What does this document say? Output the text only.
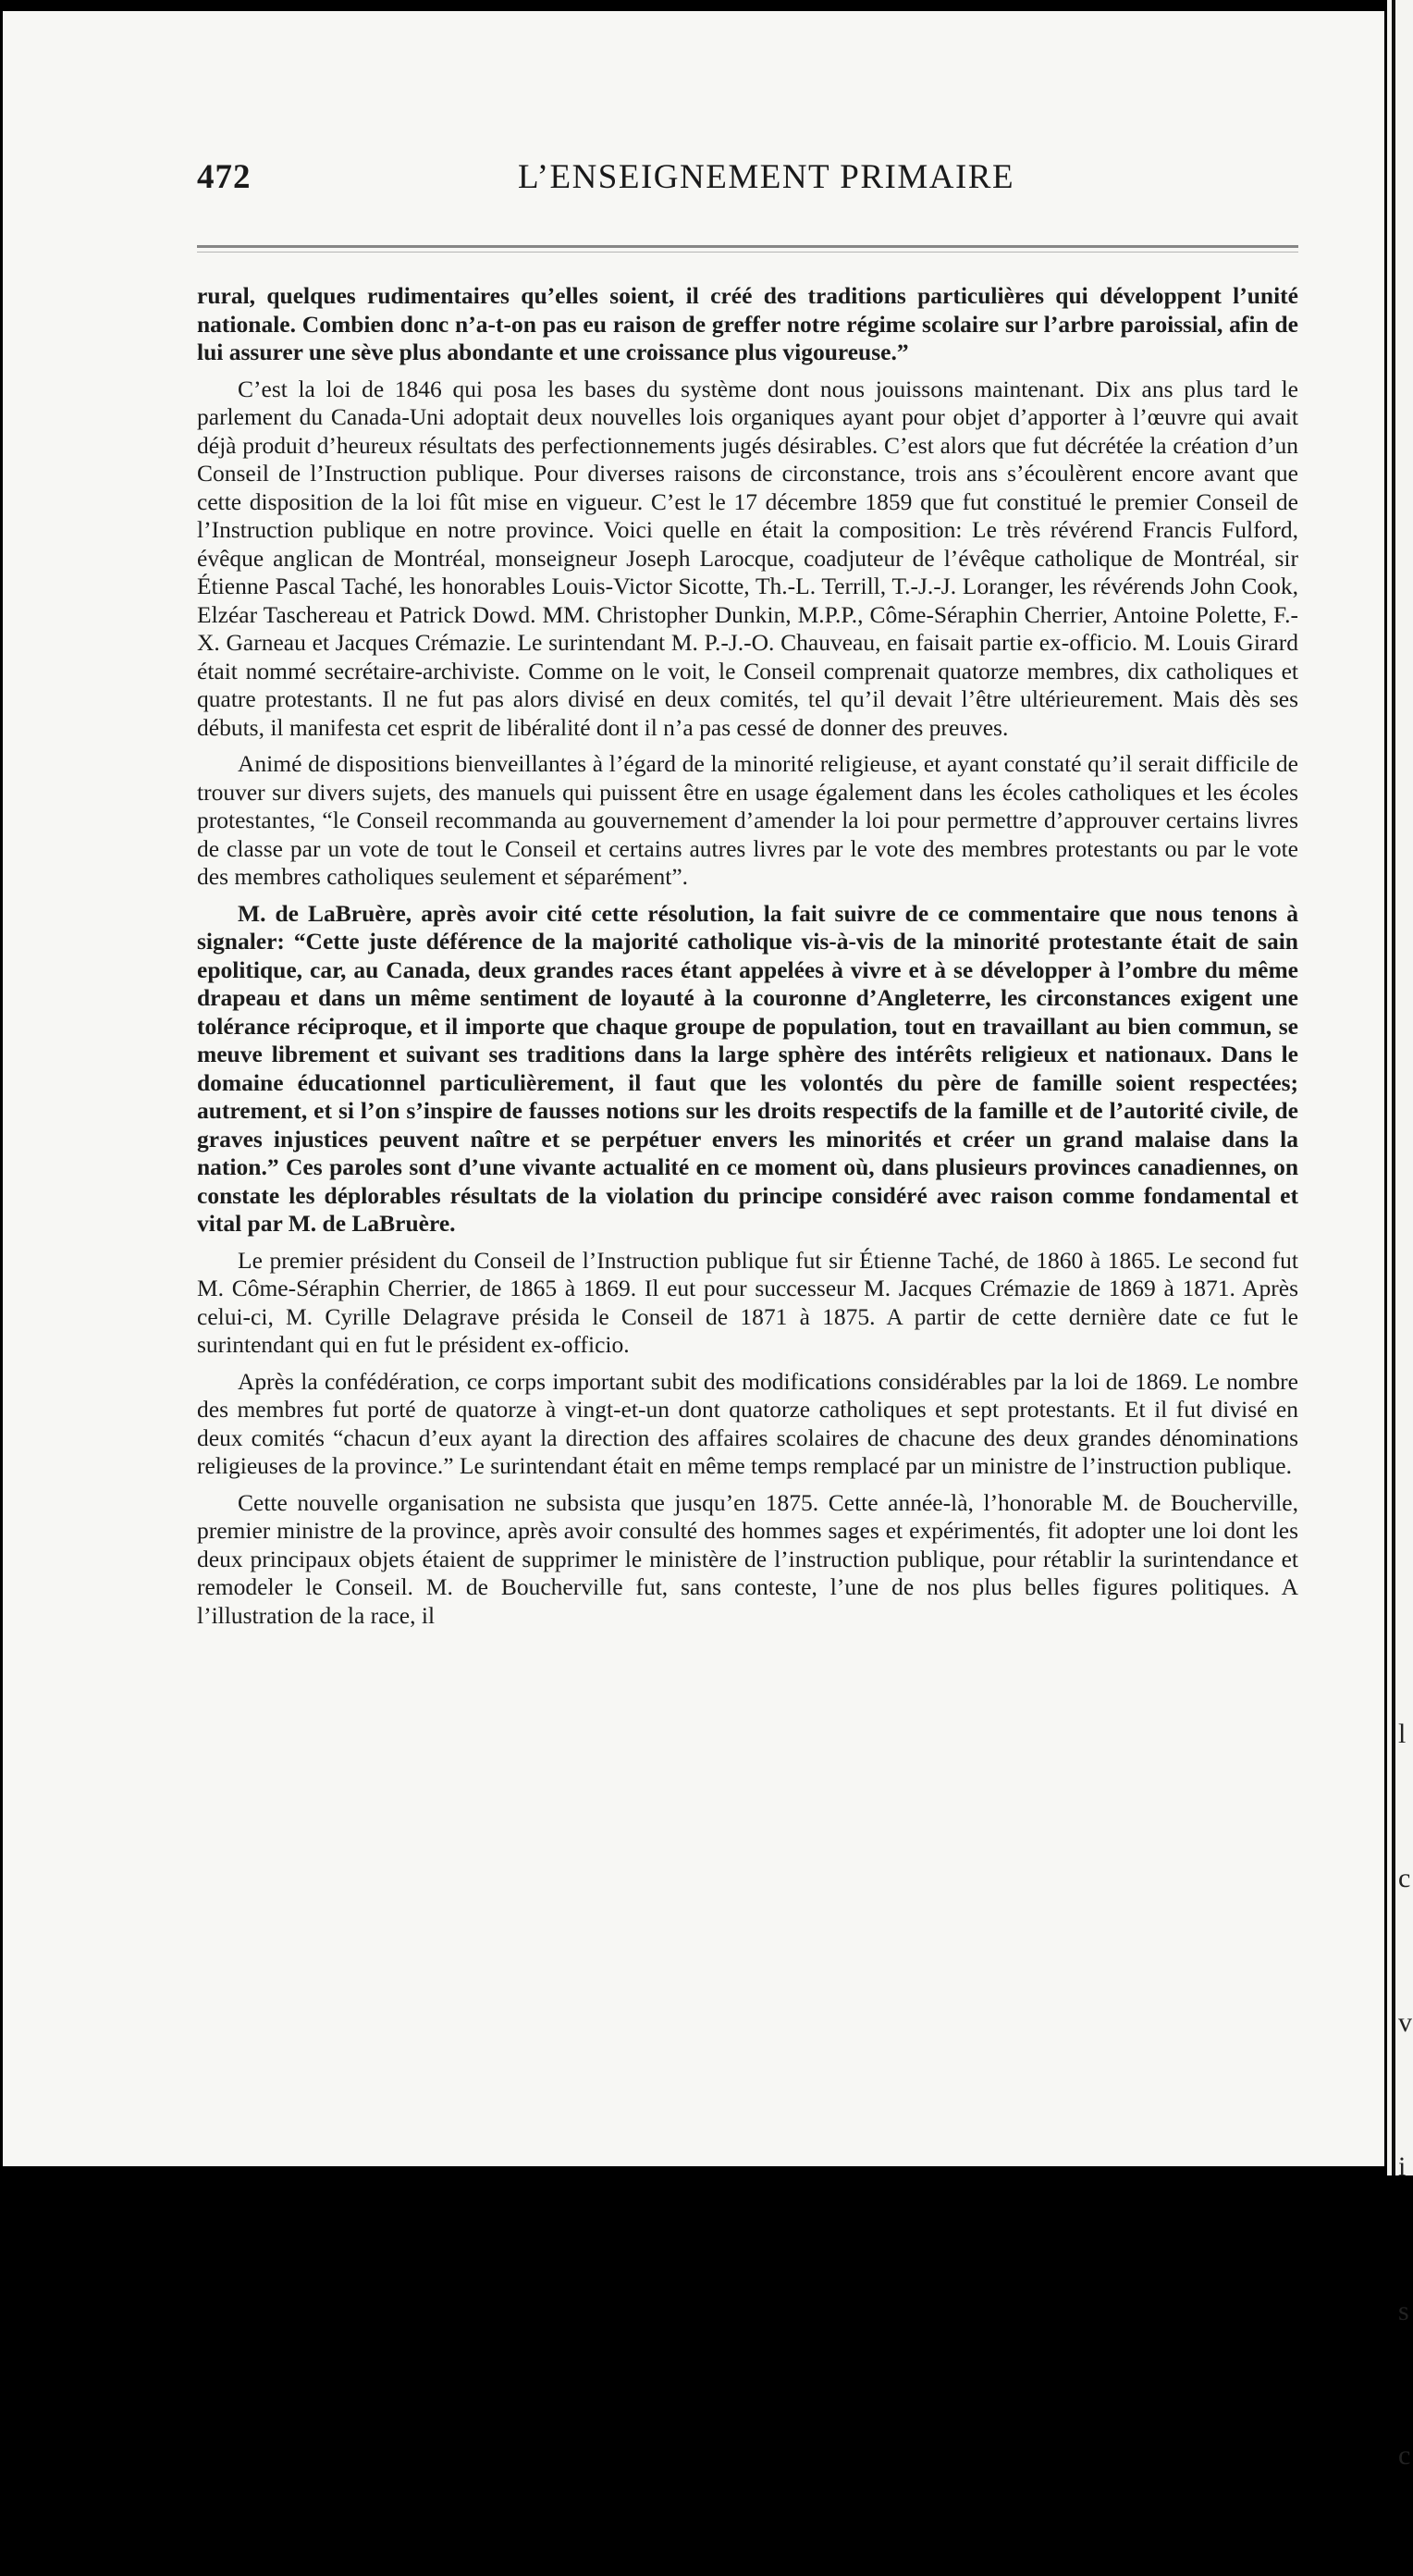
l

c

v

i

s

c

472	L’ENSEIGNEMENT PRIMAIRE

rural, quelques rudimentaires qu’elles soient, il créé des traditions particulières qui développent l’unité nationale. Combien donc n’a-t-on pas eu raison de greffer notre régime scolaire sur l’arbre paroissial, afin de lui assurer une sève plus abondante et une croissance plus vigoureuse.”

C’est la loi de 1846 qui posa les bases du système dont nous jouissons maintenant. Dix ans plus tard le parlement du Canada-Uni adoptait deux nouvelles lois organiques ayant pour objet d’apporter à l’œuvre qui avait déjà produit d’heureux résultats des perfectionnements jugés désirables. C’est alors que fut décrétée la création d’un Conseil de l’Instruction publique. Pour diverses raisons de circonstance, trois ans s’écoulèrent encore avant que cette disposition de la loi fût mise en vigueur. C’est le 17 décembre 1859 que fut constitué le premier Conseil de l’Instruction publique en notre province. Voici quelle en était la composition: Le très révérend Francis Fulford, évêque anglican de Montréal, monseigneur Joseph Larocque, coadjuteur de l’évêque catholique de Montréal, sir Étienne Pascal Taché, les honorables Louis-Victor Sicotte, Th.-L. Terrill, T.-J.-J. Loranger, les révérends John Cook, Elzéar Taschereau et Patrick Dowd. MM. Christopher Dunkin, M.P.P., Côme-Séraphin Cherrier, Antoine Polette, F.-X. Garneau et Jacques Crémazie. Le surintendant M. P.-J.-O. Chauveau, en faisait partie ex-officio. M. Louis Girard était nommé secrétaire-archiviste. Comme on le voit, le Conseil comprenait quatorze membres, dix catholiques et quatre protestants. Il ne fut pas alors divisé en deux comités, tel qu’il devait l’être ultérieurement. Mais dès ses débuts, il manifesta cet esprit de libéralité dont il n’a pas cessé de donner des preuves.

Animé de dispositions bienveillantes à l’égard de la minorité religieuse, et ayant constaté qu’il serait difficile de trouver sur divers sujets, des manuels qui puissent être en usage également dans les écoles catholiques et les écoles protestantes, “le Conseil recommanda au gouvernement d’amender la loi pour permettre d’approuver certains livres de classe par un vote de tout le Conseil et certains autres livres par le vote des membres protestants ou par le vote des membres catholiques seulement et séparément”.

M. de LaBruère, après avoir cité cette résolution, la fait suivre de ce commentaire que nous tenons à signaler: “Cette juste déférence de la majorité catholique vis-à-vis de la minorité protestante était de sain epolitique, car, au Canada, deux grandes races étant appelées à vivre et à se développer à l’ombre du même drapeau et dans un même sentiment de loyauté à la couronne d’Angleterre, les circonstances exigent une tolérance réciproque, et il importe que chaque groupe de population, tout en travaillant au bien commun, se meuve librement et suivant ses traditions dans la large sphère des intérêts religieux et nationaux. Dans le domaine éducationnel particulièrement, il faut que les volontés du père de famille soient respectées; autrement, et si l’on s’inspire de fausses notions sur les droits respectifs de la famille et de l’autorité civile, de graves injustices peuvent naître et se perpétuer envers les minorités et créer un grand malaise dans la nation.” Ces paroles sont d’une vivante actualité en ce moment où, dans plusieurs provinces canadiennes, on constate les déplorables résultats de la violation du principe considéré avec raison comme fondamental et vital par M. de LaBruère.

Le premier président du Conseil de l’Instruction publique fut sir Étienne Taché, de 1860 à 1865. Le second fut M. Côme-Séraphin Cherrier, de 1865 à 1869. Il eut pour successeur M. Jacques Crémazie de 1869 à 1871. Après celui-ci, M. Cyrille Delagrave présida le Conseil de 1871 à 1875. A partir de cette dernière date ce fut le surintendant qui en fut le président ex-officio.

Après la confédération, ce corps important subit des modifications considérables par la loi de 1869. Le nombre des membres fut porté de quatorze à vingt-et-un dont quatorze catholiques et sept protestants. Et il fut divisé en deux comités “chacun d’eux ayant la direction des affaires scolaires de chacune des deux grandes dénominations religieuses de la province.” Le surintendant était en même temps remplacé par un ministre de l’instruction publique.

Cette nouvelle organisation ne subsista que jusqu’en 1875. Cette année-là, l’honorable M. de Boucherville, premier ministre de la province, après avoir consulté des hommes sages et expérimentés, fit adopter une loi dont les deux principaux objets étaient de supprimer le ministère de l’instruction publique, pour rétablir la surintendance et remodeler le Conseil. M. de Boucherville fut, sans conteste, l’une de nos plus belles figures politiques. A l’illustration de la race, il
